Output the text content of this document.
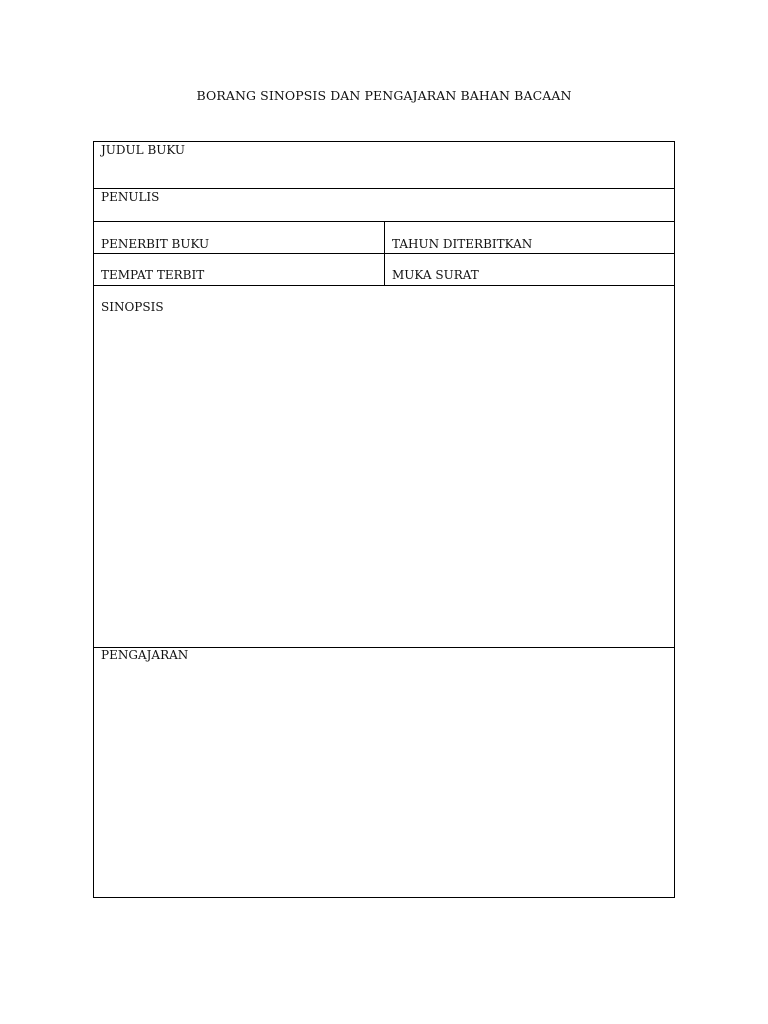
BORANG SINOPSIS DAN PENGAJARAN BAHAN BACAAN
JUDUL BUKU
PENULIS
PENERBIT BUKU	TAHUN DITERBITKAN
TEMPAT TERBIT	MUKA SURAT
SINOPSIS
PENGAJARAN
